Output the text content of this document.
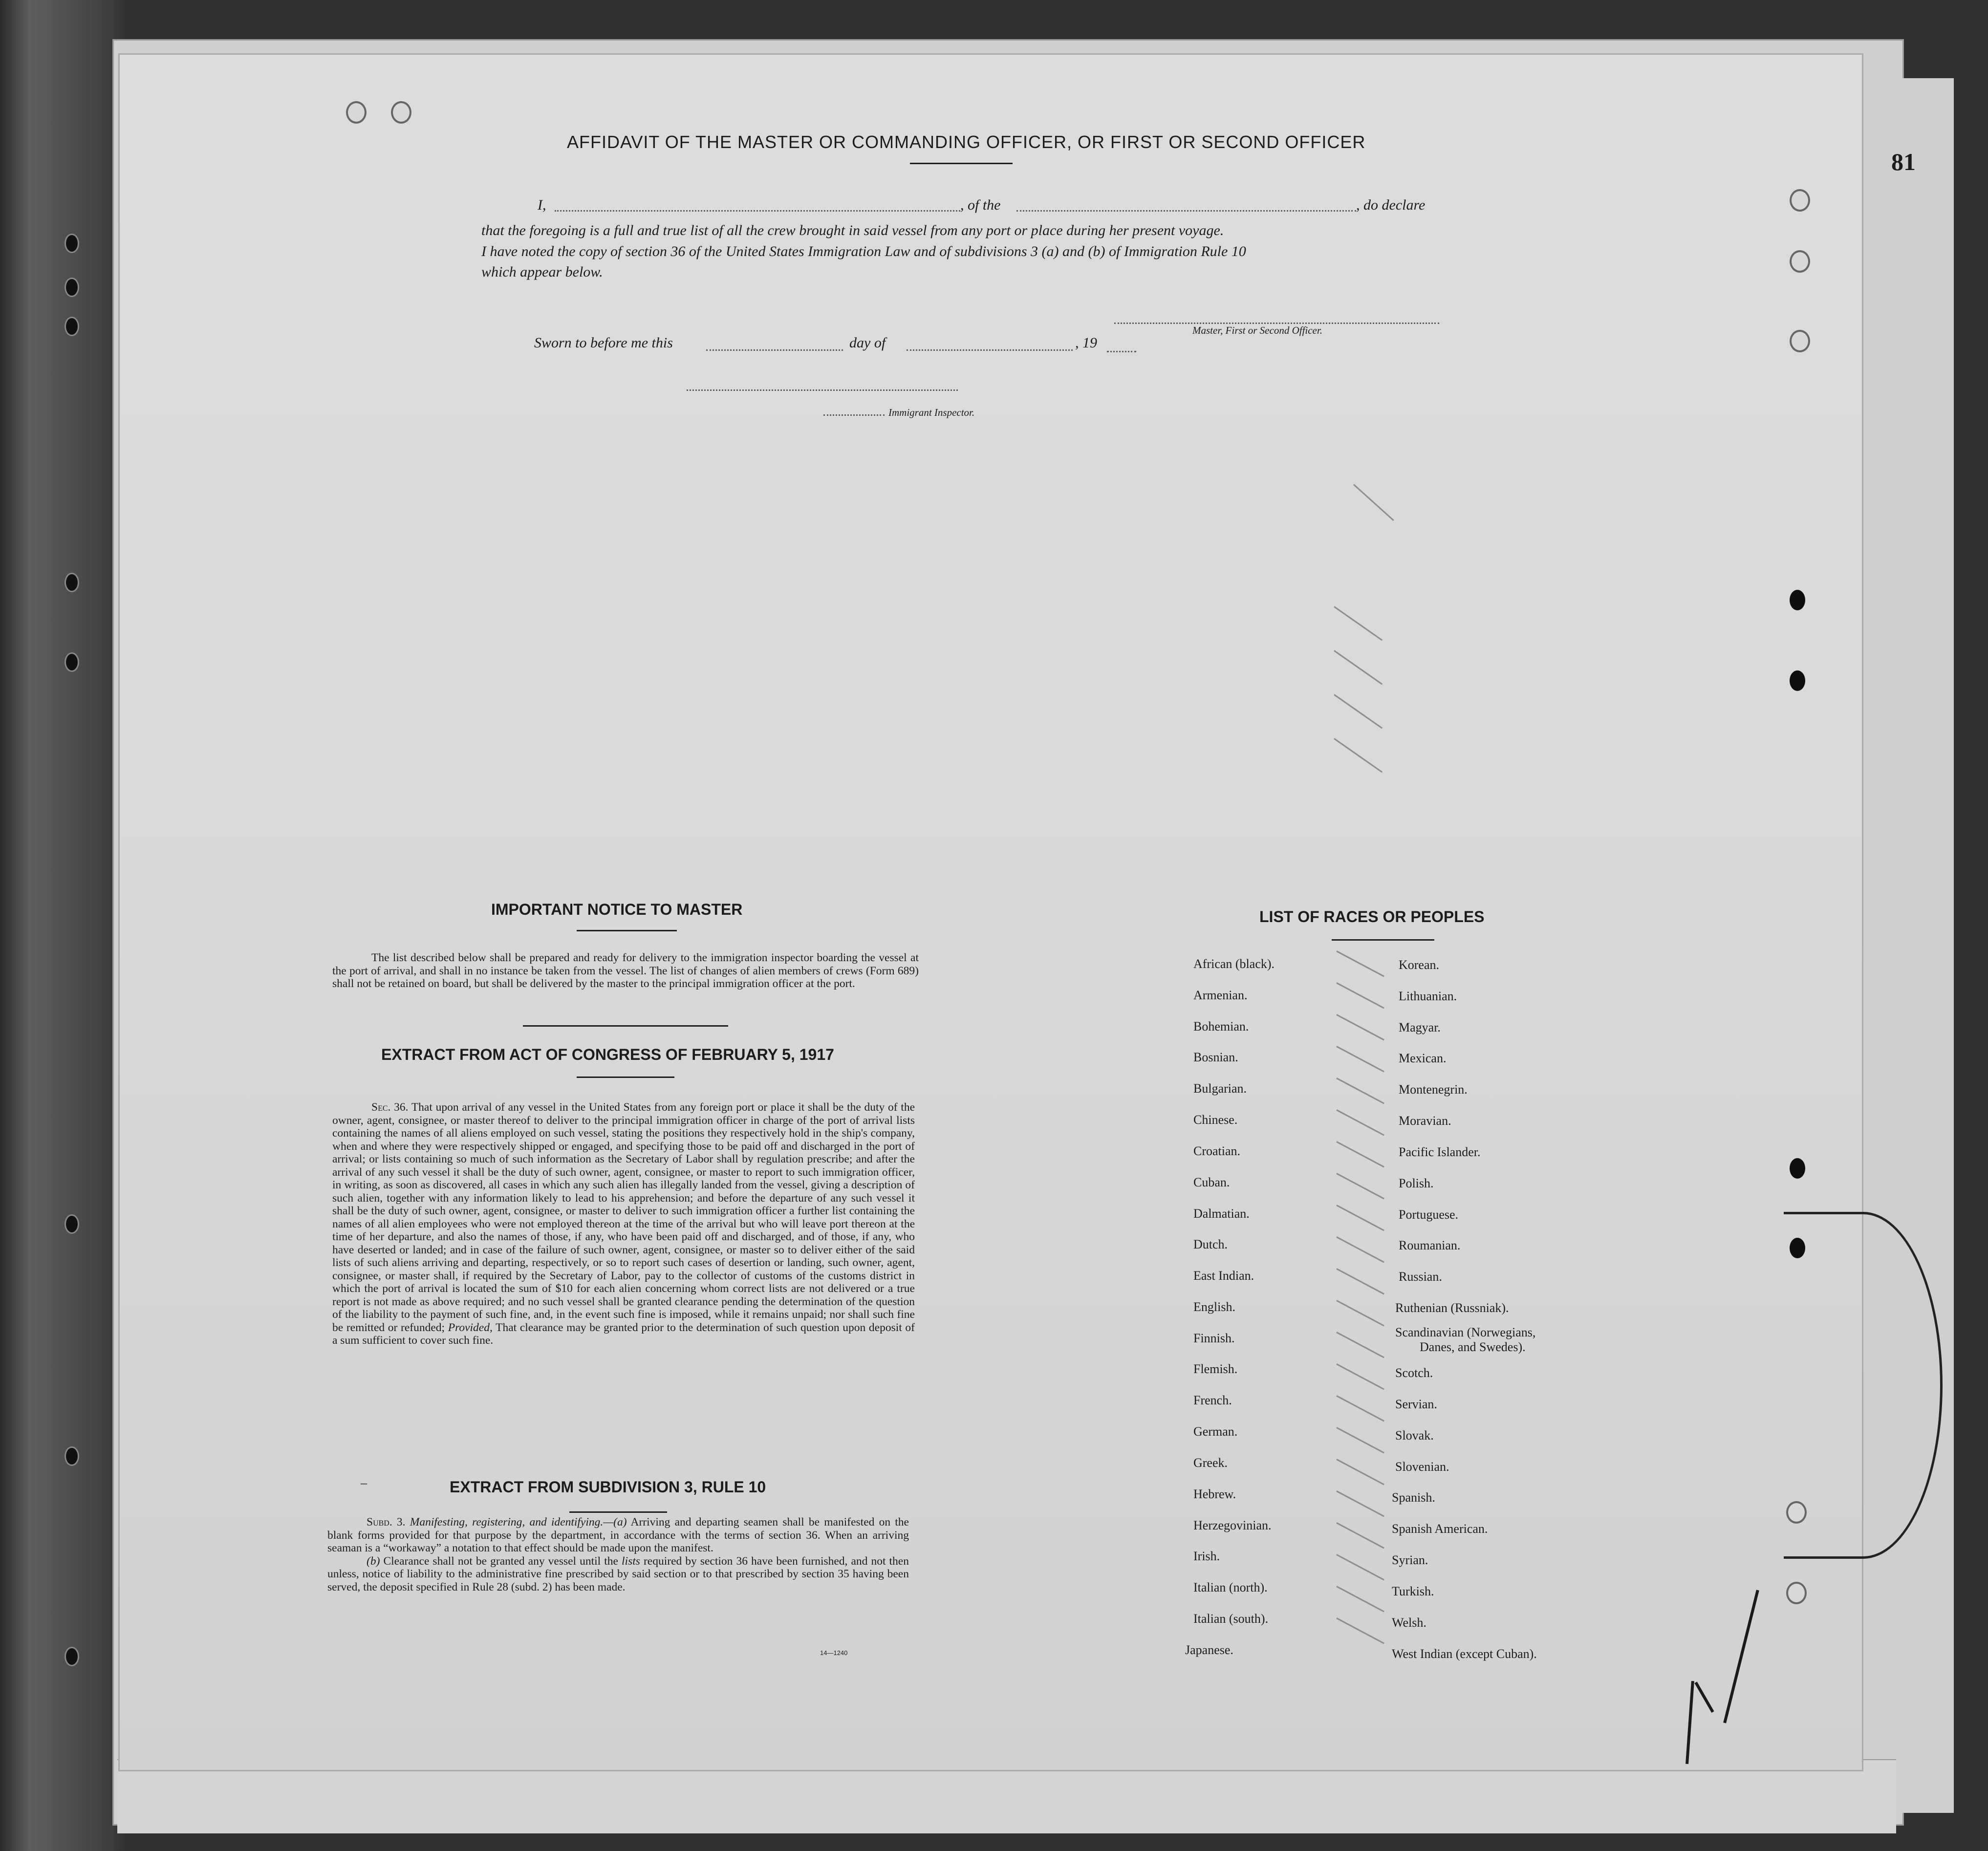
81
AFFIDAVIT OF THE MASTER OR COMMANDING OFFICER, OR FIRST OR SECOND OFFICER
I,	, of the	, do declare
that the foregoing is a full and true list of all the crew brought in said vessel from any port or place during her present voyage.
I have noted the copy of section 36 of the United States Immigration Law and of subdivisions 3 (a) and (b) of Immigration Rule 10
which appear below.
Master, First or Second Officer.
Sworn to before me this	day of	, 19
Immigrant Inspector.
IMPORTANT NOTICE TO MASTER
The list described below shall be prepared and ready for delivery to the immigration inspector boarding the vessel at the port of arrival, and shall in no instance be taken from the vessel. The list of changes of alien members of crews (Form 689) shall not be retained on board, but shall be delivered by the master to the principal immigration officer at the port.
EXTRACT FROM ACT OF CONGRESS OF FEBRUARY 5, 1917
Sec. 36. That upon arrival of any vessel in the United States from any foreign port or place it shall be the duty of the owner, agent, consignee, or master thereof to deliver to the principal immigration officer in charge of the port of arrival lists containing the names of all aliens employed on such vessel, stating the positions they respectively hold in the ship's company, when and where they were respectively shipped or engaged, and specifying those to be paid off and discharged in the port of arrival; or lists containing so much of such information as the Secretary of Labor shall by regulation prescribe; and after the arrival of any such vessel it shall be the duty of such owner, agent, consignee, or master to report to such immigration officer, in writing, as soon as discovered, all cases in which any such alien has illegally landed from the vessel, giving a description of such alien, together with any information likely to lead to his apprehension; and before the departure of any such vessel it shall be the duty of such owner, agent, consignee, or master to deliver to such immigration officer a further list containing the names of all alien employees who were not employed thereon at the time of the arrival but who will leave port thereon at the time of her departure, and also the names of those, if any, who have been paid off and discharged, and of those, if any, who have deserted or landed; and in case of the failure of such owner, agent, consignee, or master so to deliver either of the said lists of such aliens arriving and departing, respectively, or so to report such cases of desertion or landing, such owner, agent, consignee, or master shall, if required by the Secretary of Labor, pay to the collector of customs of the customs district in which the port of arrival is located the sum of $10 for each alien concerning whom correct lists are not delivered or a true report is not made as above required; and no such vessel shall be granted clearance pending the determination of the question of the liability to the payment of such fine, and, in the event such fine is imposed, while it remains unpaid; nor shall such fine be remitted or refunded; Provided, That clearance may be granted prior to the determination of such question upon deposit of a sum sufficient to cover such fine.
–	EXTRACT FROM SUBDIVISION 3, RULE 10
Subd. 3. Manifesting, registering, and identifying.—(a) Arriving and departing seamen shall be manifested on the blank forms provided for that purpose by the department, in accordance with the terms of section 36. When an arriving seaman is a “workaway” a notation to that effect should be made upon the manifest.
(b) Clearance shall not be granted any vessel until the lists required by section 36 have been furnished, and not then unless, notice of liability to the administrative fine prescribed by said section or to that prescribed by section 35 having been served, the deposit specified in Rule 28 (subd. 2) has been made.
14—1240
LIST OF RACES OR PEOPLES
African (black).
Armenian.
Bohemian.
Bosnian.
Bulgarian.
Chinese.
Croatian.
Cuban.
Dalmatian.
Dutch.
East Indian.
English.
Finnish.
Flemish.
French.
German.
Greek.
Hebrew.
Herzegovinian.
Irish.
Italian (north).
Italian (south).
Japanese.
Korean.
Lithuanian.
Magyar.
Mexican.
Montenegrin.
Moravian.
Pacific Islander.
Polish.
Portuguese.
Roumanian.
Russian.
Ruthenian (Russniak).
Scandinavian (Norwegians,
Danes, and Swedes).
Scotch.
Servian.
Slovak.
Slovenian.
Spanish.
Spanish American.
Syrian.
Turkish.
Welsh.
West Indian (except Cuban).
